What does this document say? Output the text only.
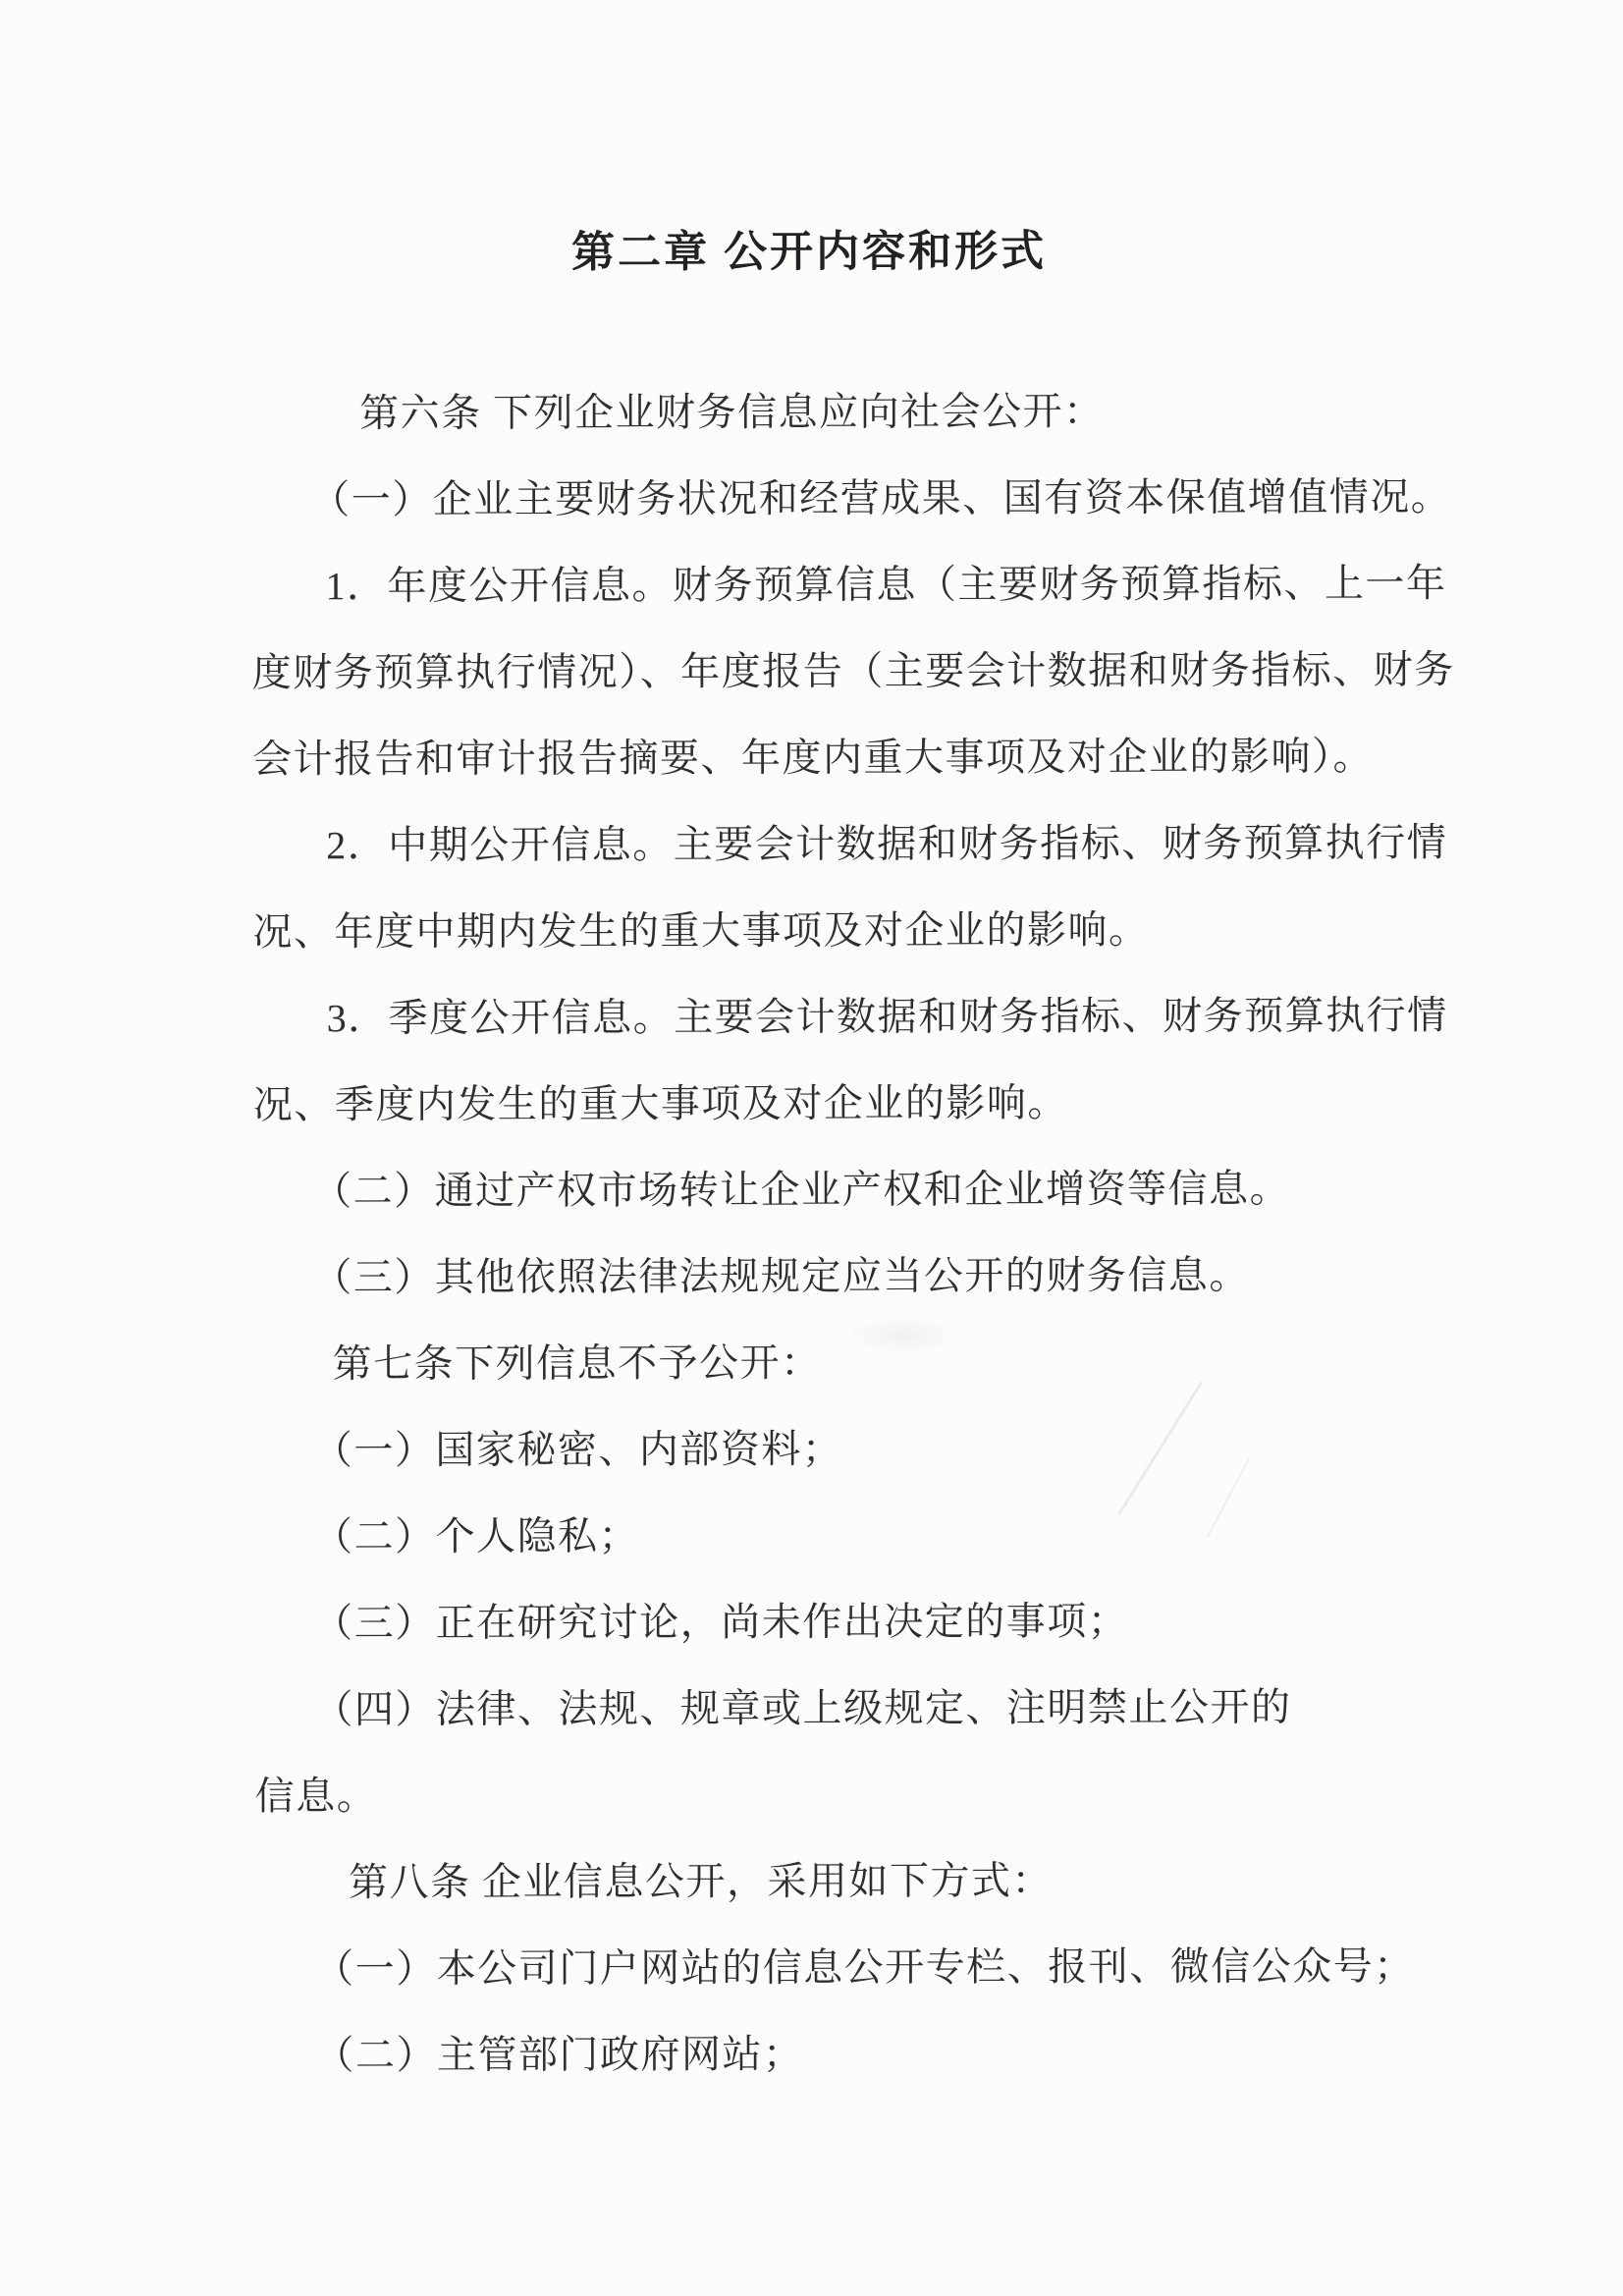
第二章 公开内容和形式
第六条 下列企业财务信息应向社会公开：
（一）企业主要财务状况和经营成果、国有资本保值增值情况。
1．年度公开信息。财务预算信息（主要财务预算指标、上一年
度财务预算执行情况）、年度报告（主要会计数据和财务指标、财务
会计报告和审计报告摘要、年度内重大事项及对企业的影响）。
2．中期公开信息。主要会计数据和财务指标、财务预算执行情
况、年度中期内发生的重大事项及对企业的影响。
3．季度公开信息。主要会计数据和财务指标、财务预算执行情
况、季度内发生的重大事项及对企业的影响。
（二）通过产权市场转让企业产权和企业增资等信息。
（三）其他依照法律法规规定应当公开的财务信息。
第七条下列信息不予公开：
（一）国家秘密、内部资料；
（二）个人隐私；
（三）正在研究讨论，尚未作出决定的事项；
（四）法律、法规、规章或上级规定、注明禁止公开的
信息。
第八条 企业信息公开，采用如下方式：
（一）本公司门户网站的信息公开专栏、报刊、微信公众号；
（二）主管部门政府网站；
